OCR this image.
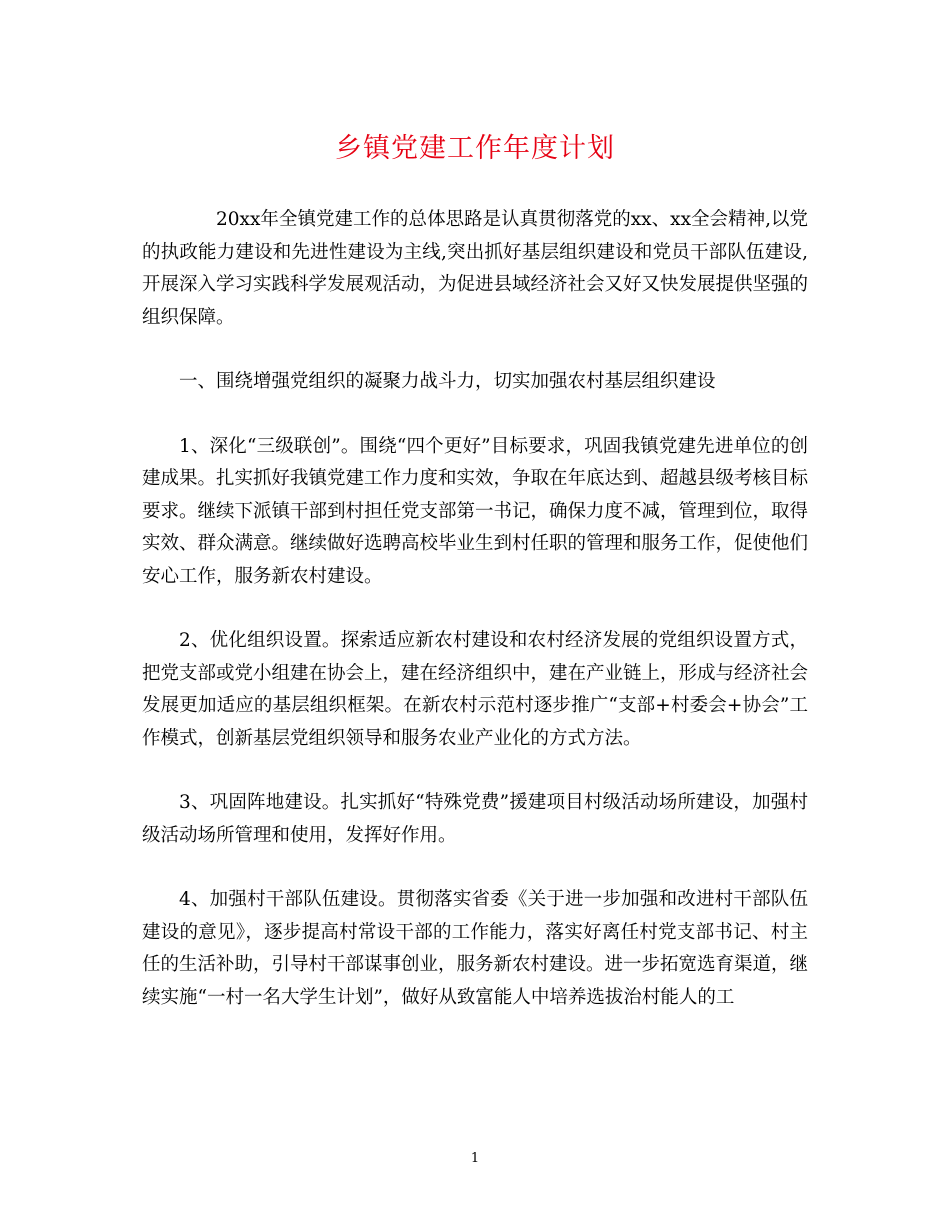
乡镇党建工作年度计划

20xx年全镇党建工作的总体思路是认真贯彻落党的xx、xx全会精神,以党的执政能力建设和先进性建设为主线,突出抓好基层组织建设和党员干部队伍建设,开展深入学习实践科学发展观活动，为促进县域经济社会又好又快发展提供坚强的组织保障。

一、围绕增强党组织的凝聚力战斗力，切实加强农村基层组织建设

1、深化“三级联创”。围绕“四个更好”目标要求，巩固我镇党建先进单位的创建成果。扎实抓好我镇党建工作力度和实效，争取在年底达到、超越县级考核目标要求。继续下派镇干部到村担任党支部第一书记，确保力度不减，管理到位，取得实效、群众满意。继续做好选聘高校毕业生到村任职的管理和服务工作，促使他们安心工作，服务新农村建设。

2、优化组织设置。探索适应新农村建设和农村经济发展的党组织设置方式，把党支部或党小组建在协会上，建在经济组织中，建在产业链上，形成与经济社会发展更加适应的基层组织框架。在新农村示范村逐步推广“支部+村委会+协会”工作模式，创新基层党组织领导和服务农业产业化的方式方法。

3、巩固阵地建设。扎实抓好“特殊党费”援建项目村级活动场所建设，加强村级活动场所管理和使用，发挥好作用。

4、加强村干部队伍建设。贯彻落实省委《关于进一步加强和改进村干部队伍建设的意见》，逐步提高村常设干部的工作能力，落实好离任村党支部书记、村主任的生活补助，引导村干部谋事创业，服务新农村建设。进一步拓宽选育渠道，继续实施“一村一名大学生计划”，做好从致富能人中培养选拔治村能人的工

1
